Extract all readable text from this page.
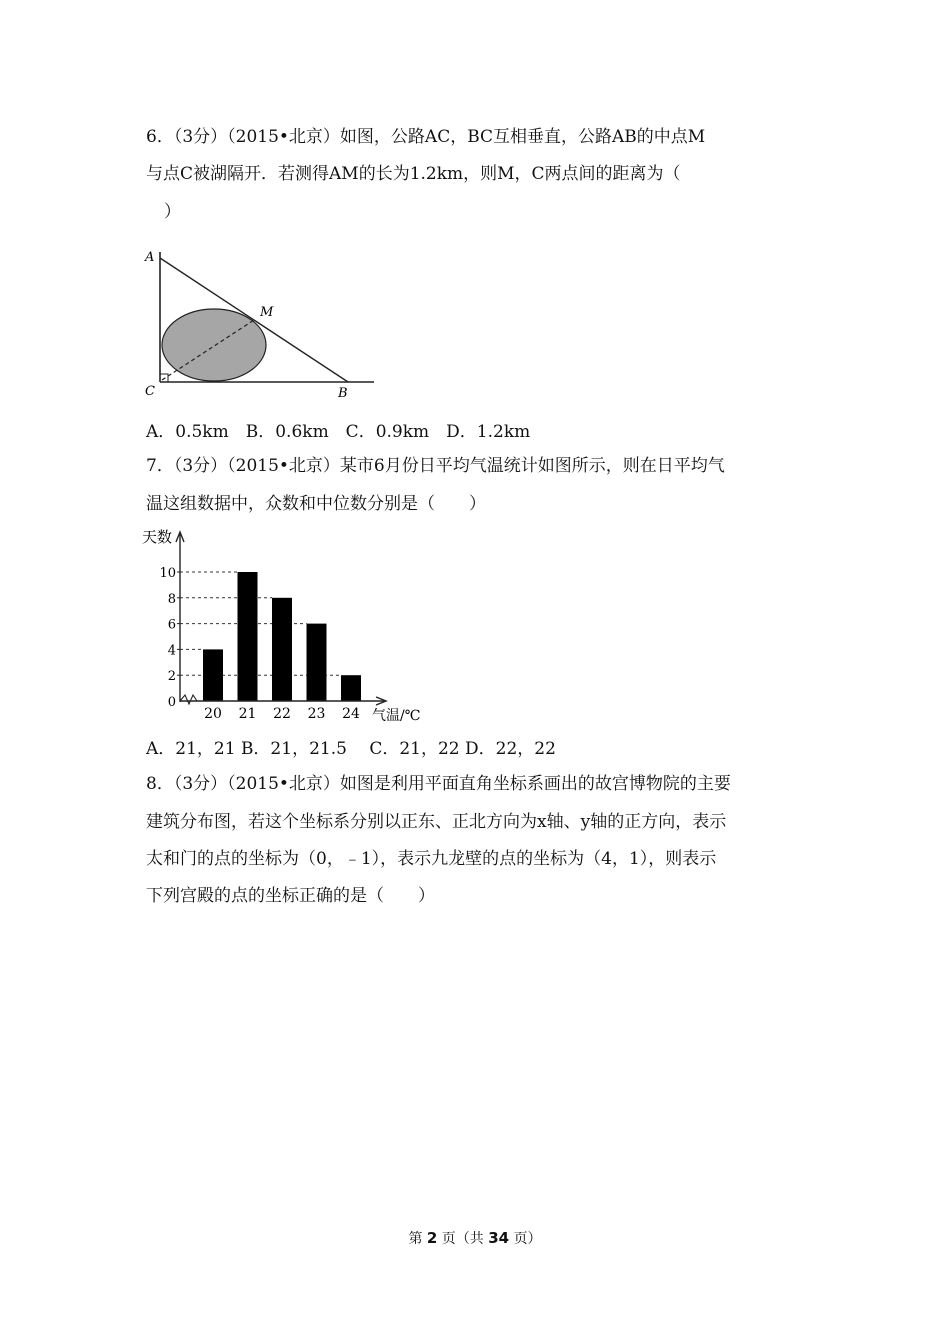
6．（3分）（2015•北京）如图，公路AC，BC互相垂直，公路AB的中点M
与点C被湖隔开．若测得AM的长为1.2km，则M，C两点间的距离为（
）
A
M
C	B
A．0.5km　B．0.6km　C．0.9km　D．1.2km
7．（3分）（2015•北京）某市6月份日平均气温统计如图所示，则在日平均气
温这组数据中，众数和中位数分别是（　　）
0
2
4
6
8
10
20 21 22 23 24
天数
气温/℃
A．21，21 B．21，21.5　 C．21，22 D．22，22
8．（3分）（2015•北京）如图是利用平面直角坐标系画出的故宫博物院的主要
建筑分布图，若这个坐标系分别以正东、正北方向为x轴、y轴的正方向，表示
太和门的点的坐标为（0，﹣1），表示九龙壁的点的坐标为（4，1），则表示
下列宫殿的点的坐标正确的是（　　）
第 2 页（共 34 页）
